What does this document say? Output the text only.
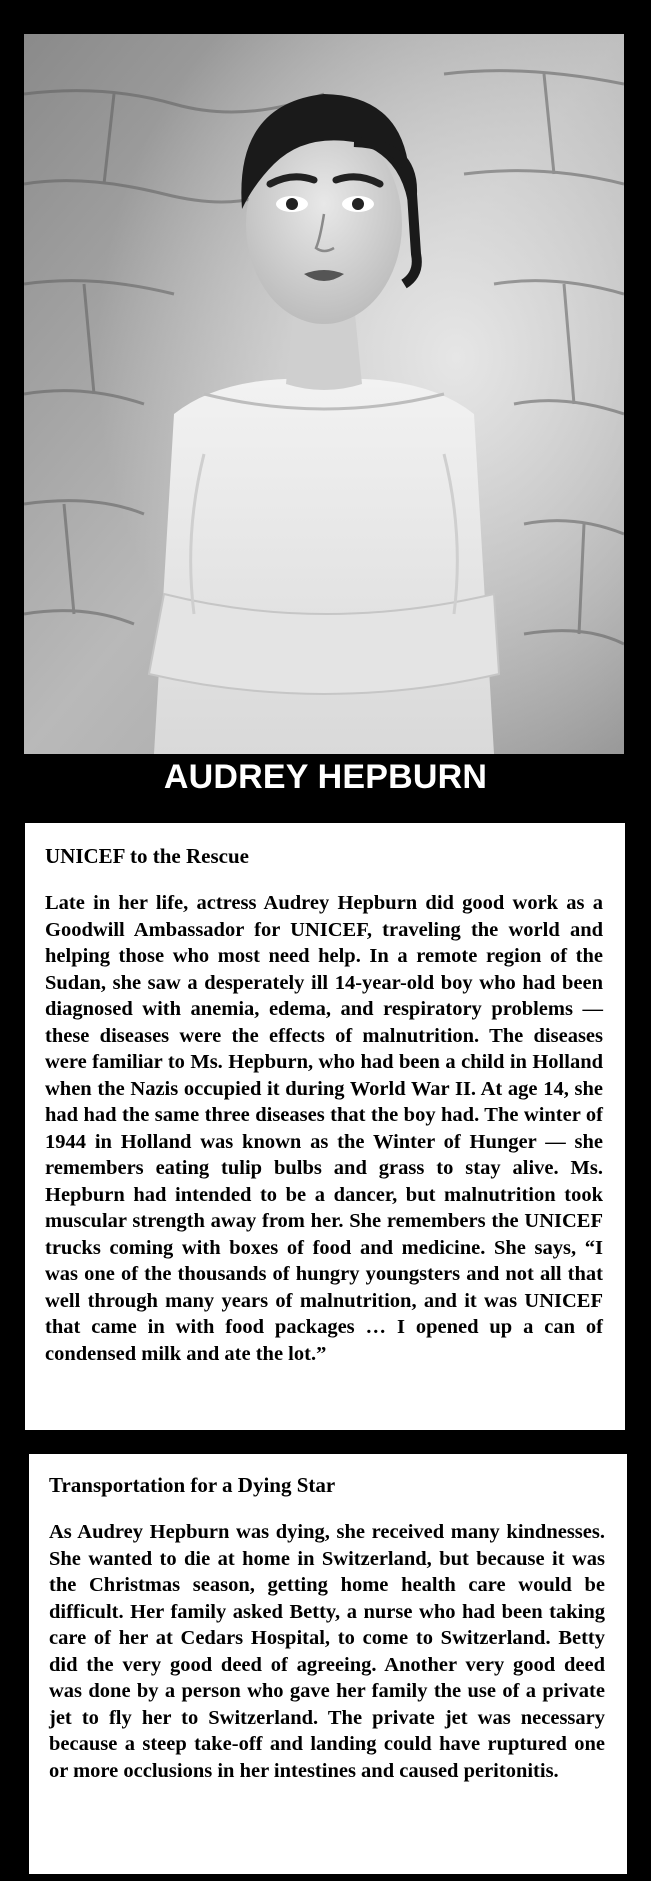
AUDREY HEPBURN
UNICEF to the Rescue

Late in her life, actress Audrey Hepburn did good work as a Goodwill Ambassador for UNICEF, traveling the world and helping those who most need help. In a remote region of the Sudan, she saw a desperately ill 14-year-old boy who had been diagnosed with anemia, edema, and respiratory problems — these diseases were the effects of malnutrition. The diseases were familiar to Ms. Hepburn, who had been a child in Holland when the Nazis occupied it during World War II. At age 14, she had had the same three diseases that the boy had. The winter of 1944 in Holland was known as the Winter of Hunger — she remembers eating tulip bulbs and grass to stay alive. Ms. Hepburn had intended to be a dancer, but malnutrition took muscular strength away from her. She remembers the UNICEF trucks coming with boxes of food and medicine. She says, “I was one of the thousands of hungry youngsters and not all that well through many years of malnutrition, and it was UNICEF that came in with food packages … I opened up a can of condensed milk and ate the lot.”

Transportation for a Dying Star

As Audrey Hepburn was dying, she received many kindnesses. She wanted to die at home in Switzerland, but because it was the Christmas season, getting home health care would be difficult. Her family asked Betty, a nurse who had been taking care of her at Cedars Hospital, to come to Switzerland. Betty did the very good deed of agreeing. Another very good deed was done by a person who gave her family the use of a private jet to fly her to Switzerland. The private jet was necessary because a steep take-off and landing could have ruptured one or more occlusions in her intestines and caused peritonitis.
